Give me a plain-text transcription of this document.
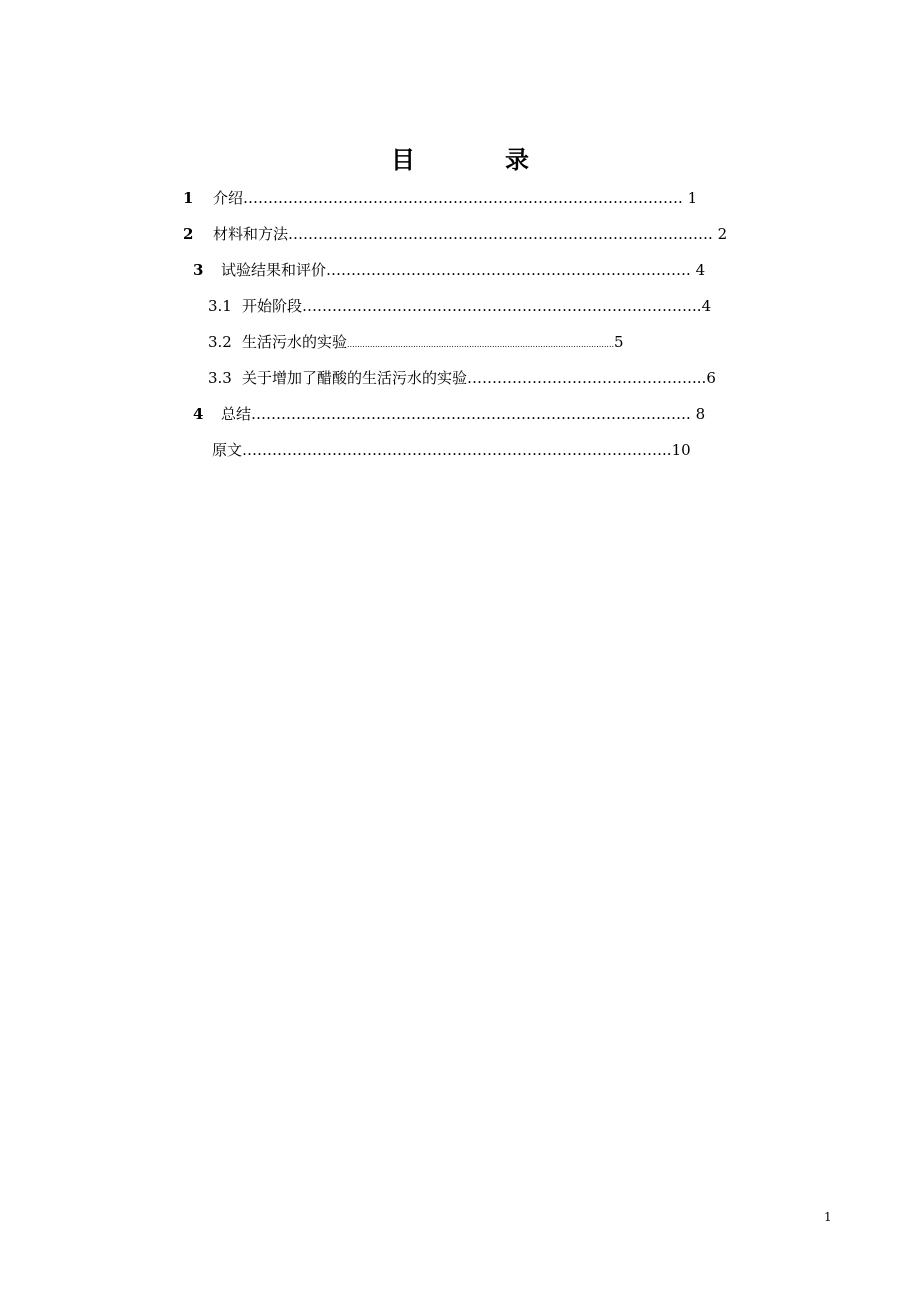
目	录
1 介绍……………………………………………………………………………. 1
2 材料和方法…………………………………………………………………………. 2
3 试验结果和评价………………………………………………………………. 4
3.1 开始阶段……………………………………………………………………..4
3.2 生活污水的实验.........................................................................................................5
3.3 关于增加了醋酸的生活污水的实验………………………………………...6
4 总结……………………………………………………………………………. 8
原文…………………………………………………………………………..10
1
